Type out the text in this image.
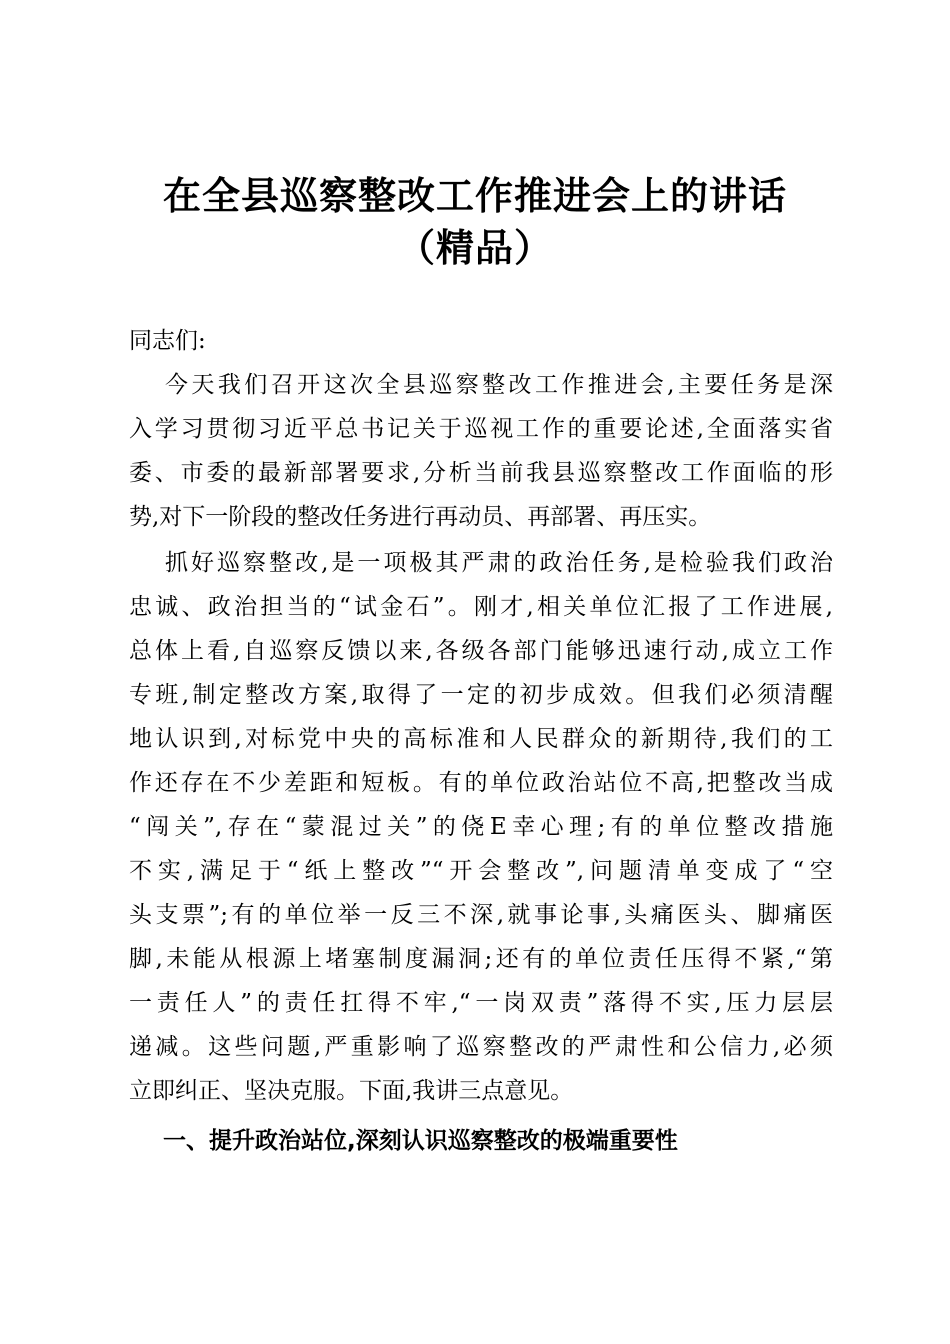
在全县巡察整改工作推进会上的讲话
（精品）
同志们:
今天我们召开这次全县巡察整改工作推进会,主要任务是深
入学习贯彻习近平总书记关于巡视工作的重要论述,全面落实省
委、市委的最新部署要求,分析当前我县巡察整改工作面临的形
势,对下一阶段的整改任务进行再动员、再部署、再压实。
抓好巡察整改,是一项极其严肃的政治任务,是检验我们政治
忠诚、政治担当的“试金石”。刚才,相关单位汇报了工作进展,
总体上看,自巡察反馈以来,各级各部门能够迅速行动,成立工作
专班,制定整改方案,取得了一定的初步成效。但我们必须清醒
地认识到,对标党中央的高标准和人民群众的新期待,我们的工
作还存在不少差距和短板。有的单位政治站位不高,把整改当成
“闯关”,存在“蒙混过关”的侥E幸心理;有的单位整改措施
不实,满足于“纸上整改”“开会整改”,问题清单变成了“空
头支票”;有的单位举一反三不深,就事论事,头痛医头、脚痛医
脚,未能从根源上堵塞制度漏洞;还有的单位责任压得不紧,“第
一责任人”的责任扛得不牢,“一岗双责”落得不实,压力层层
递减。这些问题,严重影响了巡察整改的严肃性和公信力,必须
立即纠正、坚决克服。下面,我讲三点意见。
一、提升政治站位,深刻认识巡察整改的极端重要性
